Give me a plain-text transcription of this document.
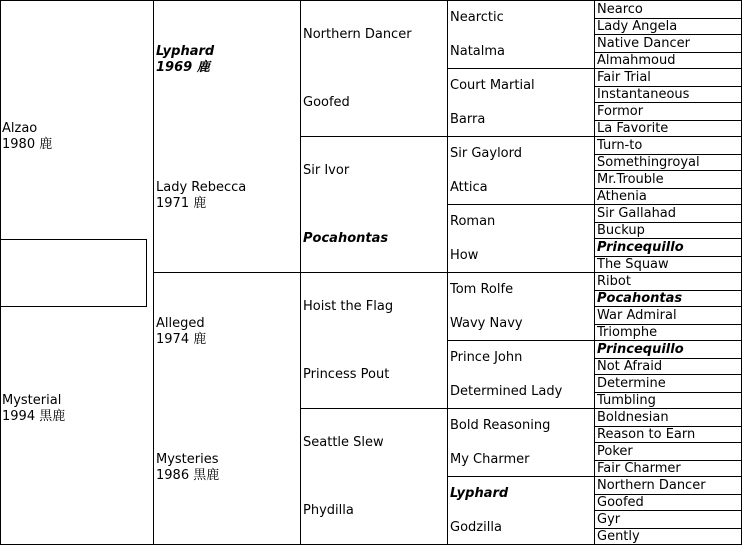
Alzao
1980 鹿
Mysterial
1994 黒鹿
Lyphard
1969 鹿
Lady Rebecca
1971 鹿
Alleged
1974 鹿
Mysteries
1986 黒鹿
Northern Dancer
Goofed
Sir Ivor
Pocahontas
Hoist the Flag
Princess Pout
Seattle Slew
Phydilla
Nearctic
Natalma
Court Martial
Barra
Sir Gaylord
Attica
Roman
How
Tom Rolfe
Wavy Navy
Prince John
Determined Lady
Bold Reasoning
My Charmer
Lyphard
Godzilla
Nearco
Lady Angela
Native Dancer
Almahmoud
Fair Trial
Instantaneous
Formor
La Favorite
Turn-to
Somethingroyal
Mr.Trouble
Athenia
Sir Gallahad
Buckup
Princequillo
The Squaw
Ribot
Pocahontas
War Admiral
Triomphe
Princequillo
Not Afraid
Determine
Tumbling
Boldnesian
Reason to Earn
Poker
Fair Charmer
Northern Dancer
Goofed
Gyr
Gently
